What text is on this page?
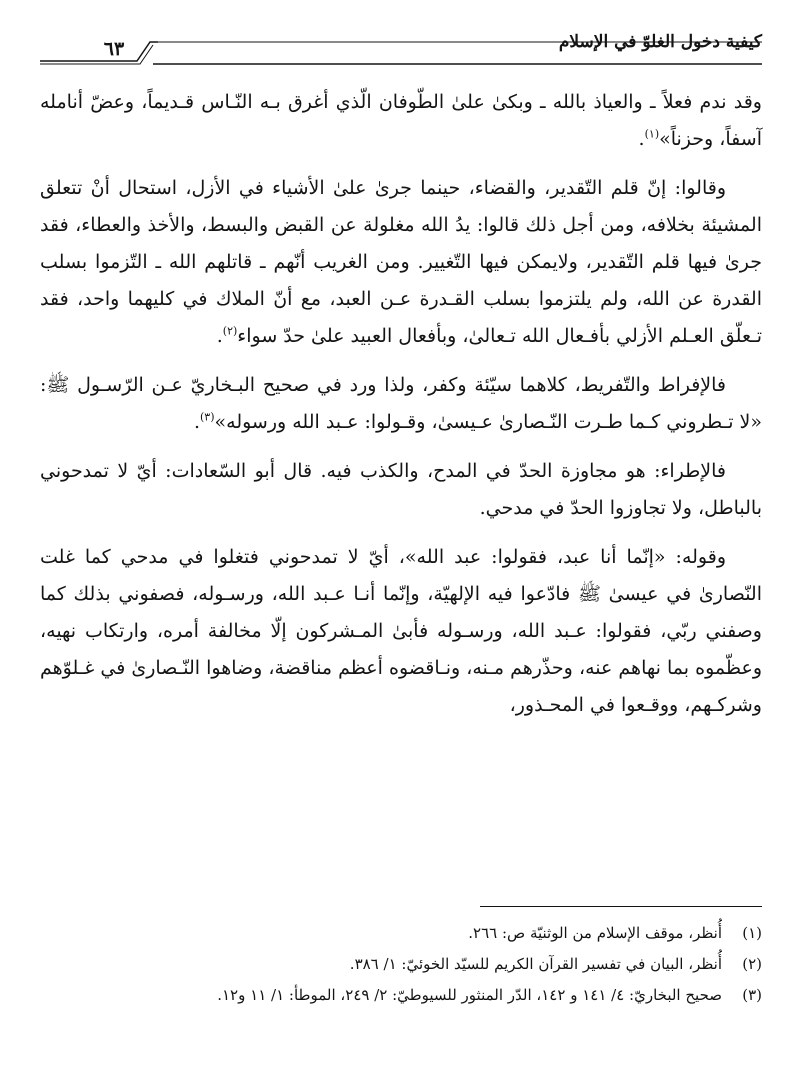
كيفية دخول الغلوّ في الإسلام
٦٣

وقد ندم فعلاً ـ والعياذ بالله ـ وبكىٰ علىٰ الطّوفان الّذي أغرق بـه النّـاس قـديماً، وعضّ أنامله آسفاً، وحزناً»$^{(١)}$.

وقالوا: إنّ قلم التّقدير، والقضاء، حينما جرىٰ علىٰ الأشياء في الأزل، استحال أنْ تتعلق المشيئة بخلافه، ومن أجل ذلك قالوا: يدُ الله مغلولة عن القبض والبسط، والأخذ والعطاء، فقد جرىٰ فيها قلم التّقدير، ولايمكن فيها التّغيير. ومن الغريب أنّهم ـ قاتلهم الله ـ التّزموا بسلب القدرة عن الله، ولم يلتزموا بسلب القـدرة عـن العبد، مع أنّ الملاك في كليهما واحد، فقد تـعلّق العـلم الأزلي بأفـعال الله تـعالىٰ، وبأفعال العبيد علىٰ حدّ سواء$^{(٢)}$.

فالإفراط والتّفريط، كلاهما سيّئة وكفر، ولذا ورد في صحيح البـخاريّ عـن الرّسـول ﷺ: «لا تـطروني كـما طـرت النّـصارىٰ عـيسىٰ، وقـولوا: عـبد الله ورسوله»$^{(٣)}$.

فالإطراء: هو مجاوزة الحدّ في المدح، والكذب فيه. قال أبو السّعادات: أيّ لا تمدحوني بالباطل، ولا تجاوزوا الحدّ في مدحي.

وقوله: «إنّما أنا عبد، فقولوا: عبد الله»، أيّ لا تمدحوني فتغلوا في مدحي كما غلت النّصارىٰ في عيسىٰ ﷺ فادّعوا فيه الإلهيّة، وإنّما أنـا عـبد الله، ورسـوله، فصفوني بذلك كما وصفني ربّي، فقولوا: عـبد الله، ورسـوله فأبىٰ المـشركون إلّا مخالفة أمره، وارتكاب نهيه، وعظّموه بما نهاهم عنه، وحذّرهم مـنه، ونـاقضوه أعظم مناقضة، وضاهوا النّـصارىٰ في غـلوّهم وشركـهم، ووقـعوا في المحـذور،

(١)
أُنظر، موقف الإسلام من الوثنيّة ص: ٢٦٦.
(٢)
أُنظر، البيان في تفسير القرآن الكريم للسيّد الخوئيّ: ١/ ٣٨٦.
(٣)
صحيح البخاريّ: ٤/ ١٤١ و ١٤٢، الدّر المنثور للسيوطيّ: ٢/ ٢٤٩، الموطأ: ١/ ١١ و١٢.
